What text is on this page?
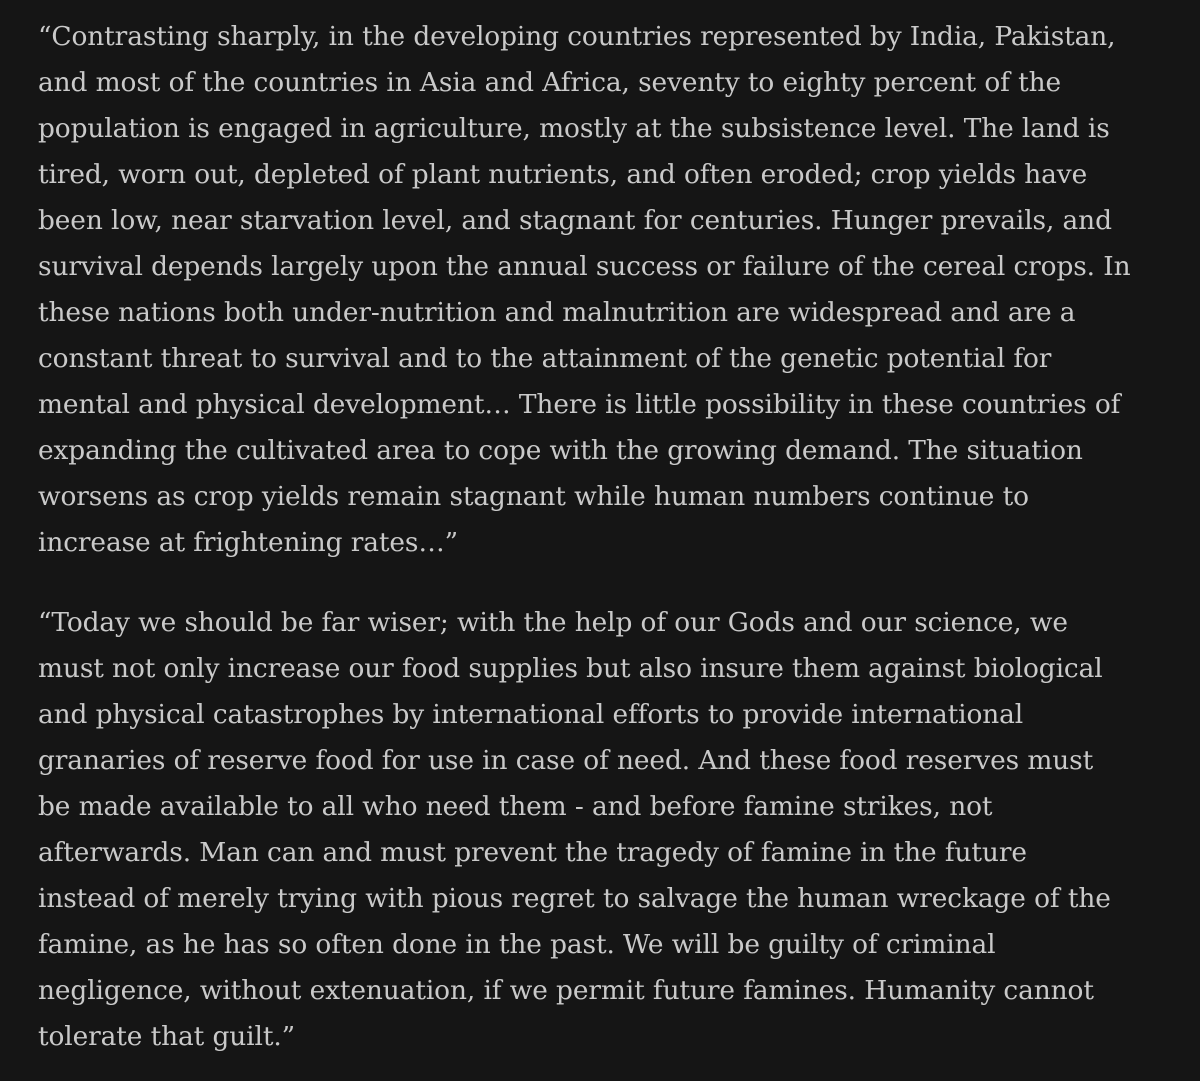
“Contrasting sharply, in the developing countries represented by India, Pakistan,
and most of the countries in Asia and Africa, seventy to eighty percent of the
population is engaged in agriculture, mostly at the subsistence level. The land is
tired, worn out, depleted of plant nutrients, and often eroded; crop yields have
been low, near starvation level, and stagnant for centuries. Hunger prevails, and
survival depends largely upon the annual success or failure of the cereal crops. In
these nations both under-nutrition and malnutrition are widespread and are a
constant threat to survival and to the attainment of the genetic potential for
mental and physical development… There is little possibility in these countries of
expanding the cultivated area to cope with the growing demand. The situation
worsens as crop yields remain stagnant while human numbers continue to
increase at frightening rates…”

“Today we should be far wiser; with the help of our Gods and our science, we
must not only increase our food supplies but also insure them against biological
and physical catastrophes by international efforts to provide international
granaries of reserve food for use in case of need. And these food reserves must
be made available to all who need them - and before famine strikes, not
afterwards. Man can and must prevent the tragedy of famine in the future
instead of merely trying with pious regret to salvage the human wreckage of the
famine, as he has so often done in the past. We will be guilty of criminal
negligence, without extenuation, if we permit future famines. Humanity cannot
tolerate that guilt.”
